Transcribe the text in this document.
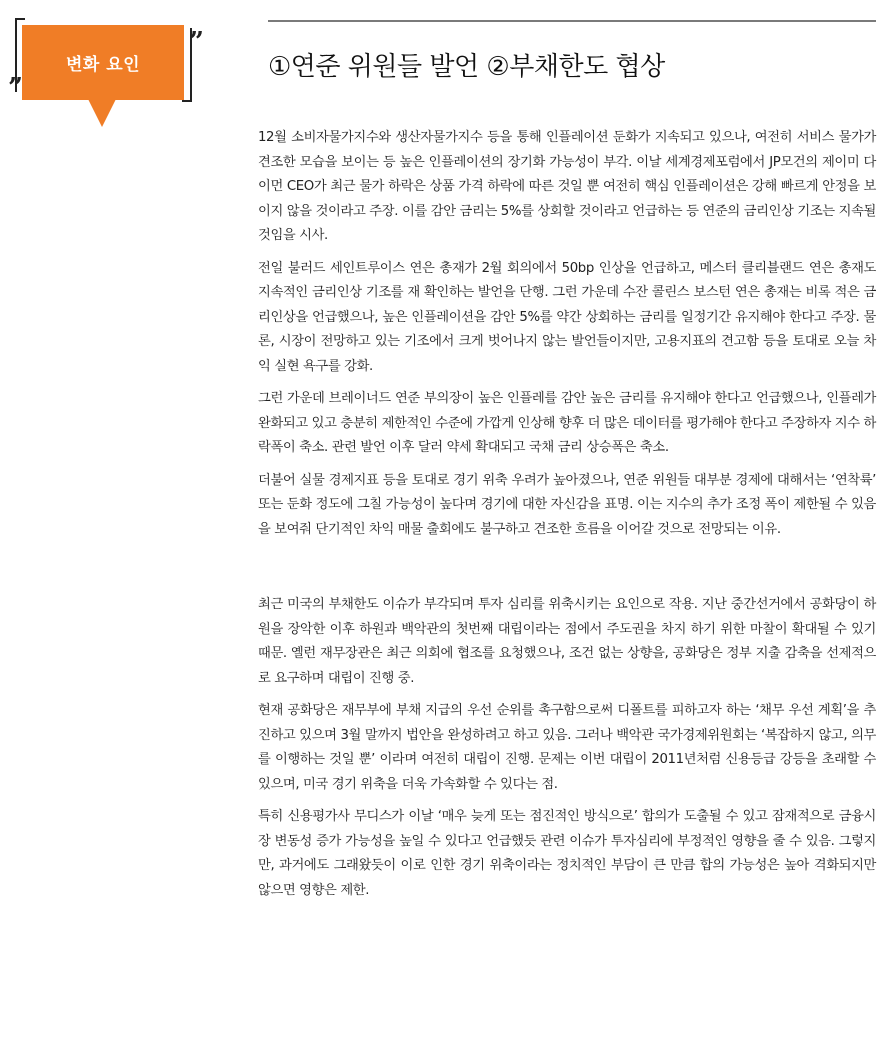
변화 요인
”
”
①연준 위원들 발언 ②부채한도 협상

12월 소비자물가지수와 생산자물가지수 등을 통해 인플레이션 둔화가 지속되고 있으나, 여전히 서비스 물가가 견조한 모습을 보이는 등 높은 인플레이션의 장기화 가능성이 부각. 이날 세계경제포럼에서 JP모건의 제이미 다이먼 CEO가 최근 물가 하락은 상품 가격 하락에 따른 것일 뿐 여전히 핵심 인플레이션은 강해 빠르게 안정을 보이지 않을 것이라고 주장. 이를 감안 금리는 5%를 상회할 것이라고 언급하는 등 연준의 금리인상 기조는 지속될 것임을 시사.

전일 불러드 세인트루이스 연은 총재가 2월 회의에서 50bp 인상을 언급하고, 메스터 클리블랜드 연은 총재도 지속적인 금리인상 기조를 재 확인하는 발언을 단행. 그런 가운데 수잔 콜린스 보스턴 연은 총재는 비록 적은 금리인상을 언급했으나, 높은 인플레이션을 감안 5%를 약간 상회하는 금리를 일정기간 유지해야 한다고 주장. 물론, 시장이 전망하고 있는 기조에서 크게 벗어나지 않는 발언들이지만, 고용지표의 견고함 등을 토대로 오늘 차익 실현 욕구를 강화.

그런 가운데 브레이너드 연준 부의장이 높은 인플레를 감안 높은 금리를 유지해야 한다고 언급했으나, 인플레가 완화되고 있고 충분히 제한적인 수준에 가깝게 인상해 향후 더 많은 데이터를 평가해야 한다고 주장하자 지수 하락폭이 축소. 관련 발언 이후 달러 약세 확대되고 국채 금리 상승폭은 축소.

더불어 실물 경제지표 등을 토대로 경기 위축 우려가 높아졌으나, 연준 위원들 대부분 경제에 대해서는 ‘연착륙’ 또는 둔화 정도에 그칠 가능성이 높다며 경기에 대한 자신감을 표명. 이는 지수의 추가 조정 폭이 제한될 수 있음을 보여줘 단기적인 차익 매물 출회에도 불구하고 견조한 흐름을 이어갈 것으로 전망되는 이유.

최근 미국의 부채한도 이슈가 부각되며 투자 심리를 위축시키는 요인으로 작용. 지난 중간선거에서 공화당이 하원을 장악한 이후 하원과 백악관의 첫번째 대립이라는 점에서 주도권을 차지 하기 위한 마찰이 확대될 수 있기 때문. 옐런 재무장관은 최근 의회에 협조를 요청했으나, 조건 없는 상향을, 공화당은 정부 지출 감축을 선제적으로 요구하며 대립이 진행 중.

현재 공화당은 재무부에 부채 지급의 우선 순위를 촉구함으로써 디폴트를 피하고자 하는 ‘채무 우선 계획’을 추진하고 있으며 3월 말까지 법안을 완성하려고 하고 있음. 그러나 백악관 국가경제위원회는 ‘복잡하지 않고, 의무를 이행하는 것일 뿐’ 이라며 여전히 대립이 진행. 문제는 이번 대립이 2011년처럼 신용등급 강등을 초래할 수 있으며, 미국 경기 위축을 더욱 가속화할 수 있다는 점.

특히 신용평가사 무디스가 이날 ‘매우 늦게 또는 점진적인 방식으로’ 합의가 도출될 수 있고 잠재적으로 금융시장 변동성 증가 가능성을 높일 수 있다고 언급했듯 관련 이슈가 투자심리에 부정적인 영향을 줄 수 있음. 그렇지만, 과거에도 그래왔듯이 이로 인한 경기 위축이라는 정치적인 부담이 큰 만큼 합의 가능성은 높아 격화되지만 않으면 영향은 제한.
